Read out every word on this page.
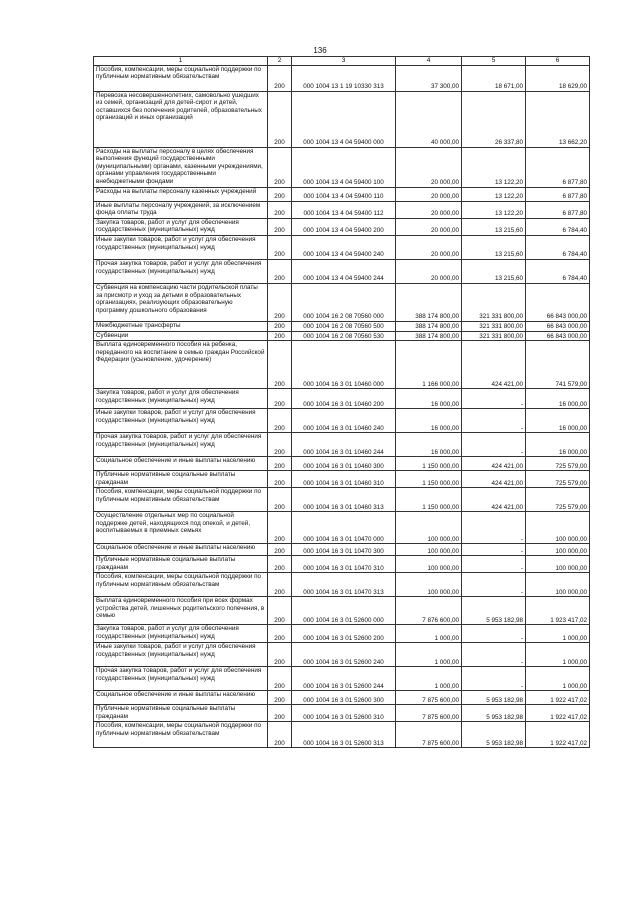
136
1	2	3	4	5	6
Пособия, компенсации, меры социальной поддержки по публичным нормативным обязательствам	200	000 1004 13 1 19 10330 313	37 300,00	18 671,00	18 629,00
Перевозка несовершеннолетних, самовольно ушедших из семей, организаций для детей-сирот и детей, оставшихся без попечения родителей, образовательных организаций и иных организаций	200	000 1004 13 4 04 59400 000	40 000,00	26 337,80	13 662,20
Расходы на выплаты персоналу в целях обеспечения выполнения функций государственными (муниципальными) органами, казенными учреждениями, органами управления государственными внебюджетными фондами	200	000 1004 13 4 04 59400 100	20 000,00	13 122,20	6 877,80
Расходы на выплаты персоналу казенных учреждений	200	000 1004 13 4 04 59400 110	20 000,00	13 122,20	6 877,80
Иные выплаты персоналу учреждений, за исключением фонда оплаты труда	200	000 1004 13 4 04 59400 112	20 000,00	13 122,20	6 877,80
Закупка товаров, работ и услуг для обеспечения государственных (муниципальных) нужд	200	000 1004 13 4 04 59400 200	20 000,00	13 215,60	6 784,40
Иные закупки товаров, работ и услуг для обеспечения государственных (муниципальных) нужд	200	000 1004 13 4 04 59400 240	20 000,00	13 215,60	6 784,40
Прочая закупка товаров, работ и услуг для обеспечения государственных (муниципальных) нужд	200	000 1004 13 4 04 59400 244	20 000,00	13 215,60	6 784,40
Субвенция на компенсацию части родительской платы за присмотр и уход за детьми в образовательных организациях, реализующих образовательную программу дошкольного образования	200	000 1004 16 2 08 70560 000	388 174 800,00	321 331 800,00	66 843 000,00
Межбюджетные трансферты	200	000 1004 16 2 08 70560 500	388 174 800,00	321 331 800,00	66 843 000,00
Субвенции	200	000 1004 16 2 08 70560 530	388 174 800,00	321 331 800,00	66 843 000,00
Выплата единовременного пособия на ребенка, переданного на воспитание в семью граждан Российской Федерации (усыновление, удочерение)	200	000 1004 16 3 01 10460 000	1 166 000,00	424 421,00	741 579,00
Закупка товаров, работ и услуг для обеспечения государственных (муниципальных) нужд	200	000 1004 16 3 01 10460 200	16 000,00	-	16 000,00
Иные закупки товаров, работ и услуг для обеспечения государственных (муниципальных) нужд	200	000 1004 16 3 01 10460 240	16 000,00	-	16 000,00
Прочая закупка товаров, работ и услуг для обеспечения государственных (муниципальных) нужд	200	000 1004 16 3 01 10460 244	16 000,00	-	16 000,00
Социальное обеспечение и иные выплаты населению	200	000 1004 16 3 01 10460 300	1 150 000,00	424 421,00	725 579,00
Публичные нормативные социальные выплаты гражданам	200	000 1004 16 3 01 10460 310	1 150 000,00	424 421,00	725 579,00
Пособия, компенсации, меры социальной поддержки по публичным нормативным обязательствам	200	000 1004 16 3 01 10460 313	1 150 000,00	424 421,00	725 579,00
Осуществление отдельных мер по социальной поддержке детей, находящихся под опекой, и детей, воспитываемых в приемных семьях	200	000 1004 16 3 01 10470 000	100 000,00	-	100 000,00
Социальное обеспечение и иные выплаты населению	200	000 1004 16 3 01 10470 300	100 000,00	-	100 000,00
Публичные нормативные социальные выплаты гражданам	200	000 1004 16 3 01 10470 310	100 000,00	-	100 000,00
Пособия, компенсации, меры социальной поддержки по публичным нормативным обязательствам	200	000 1004 16 3 01 10470 313	100 000,00	-	100 000,00
Выплата единовременного пособия при всех формах устройства детей, лишенных родительского попечения, в семью	200	000 1004 16 3 01 52600 000	7 876 600,00	5 953 182,98	1 923 417,02
Закупка товаров, работ и услуг для обеспечения государственных (муниципальных) нужд	200	000 1004 16 3 01 52600 200	1 000,00	-	1 000,00
Иные закупки товаров, работ и услуг для обеспечения государственных (муниципальных) нужд	200	000 1004 16 3 01 52600 240	1 000,00	-	1 000,00
Прочая закупка товаров, работ и услуг для обеспечения государственных (муниципальных) нужд	200	000 1004 16 3 01 52600 244	1 000,00	-	1 000,00
Социальное обеспечение и иные выплаты населению	200	000 1004 16 3 01 52600 300	7 875 600,00	5 953 182,98	1 922 417,02
Публичные нормативные социальные выплаты гражданам	200	000 1004 16 3 01 52600 310	7 875 600,00	5 953 182,98	1 922 417,02
Пособия, компенсации, меры социальной поддержки по публичным нормативным обязательствам	200	000 1004 16 3 01 52600 313	7 875 600,00	5 953 182,98	1 922 417,02
